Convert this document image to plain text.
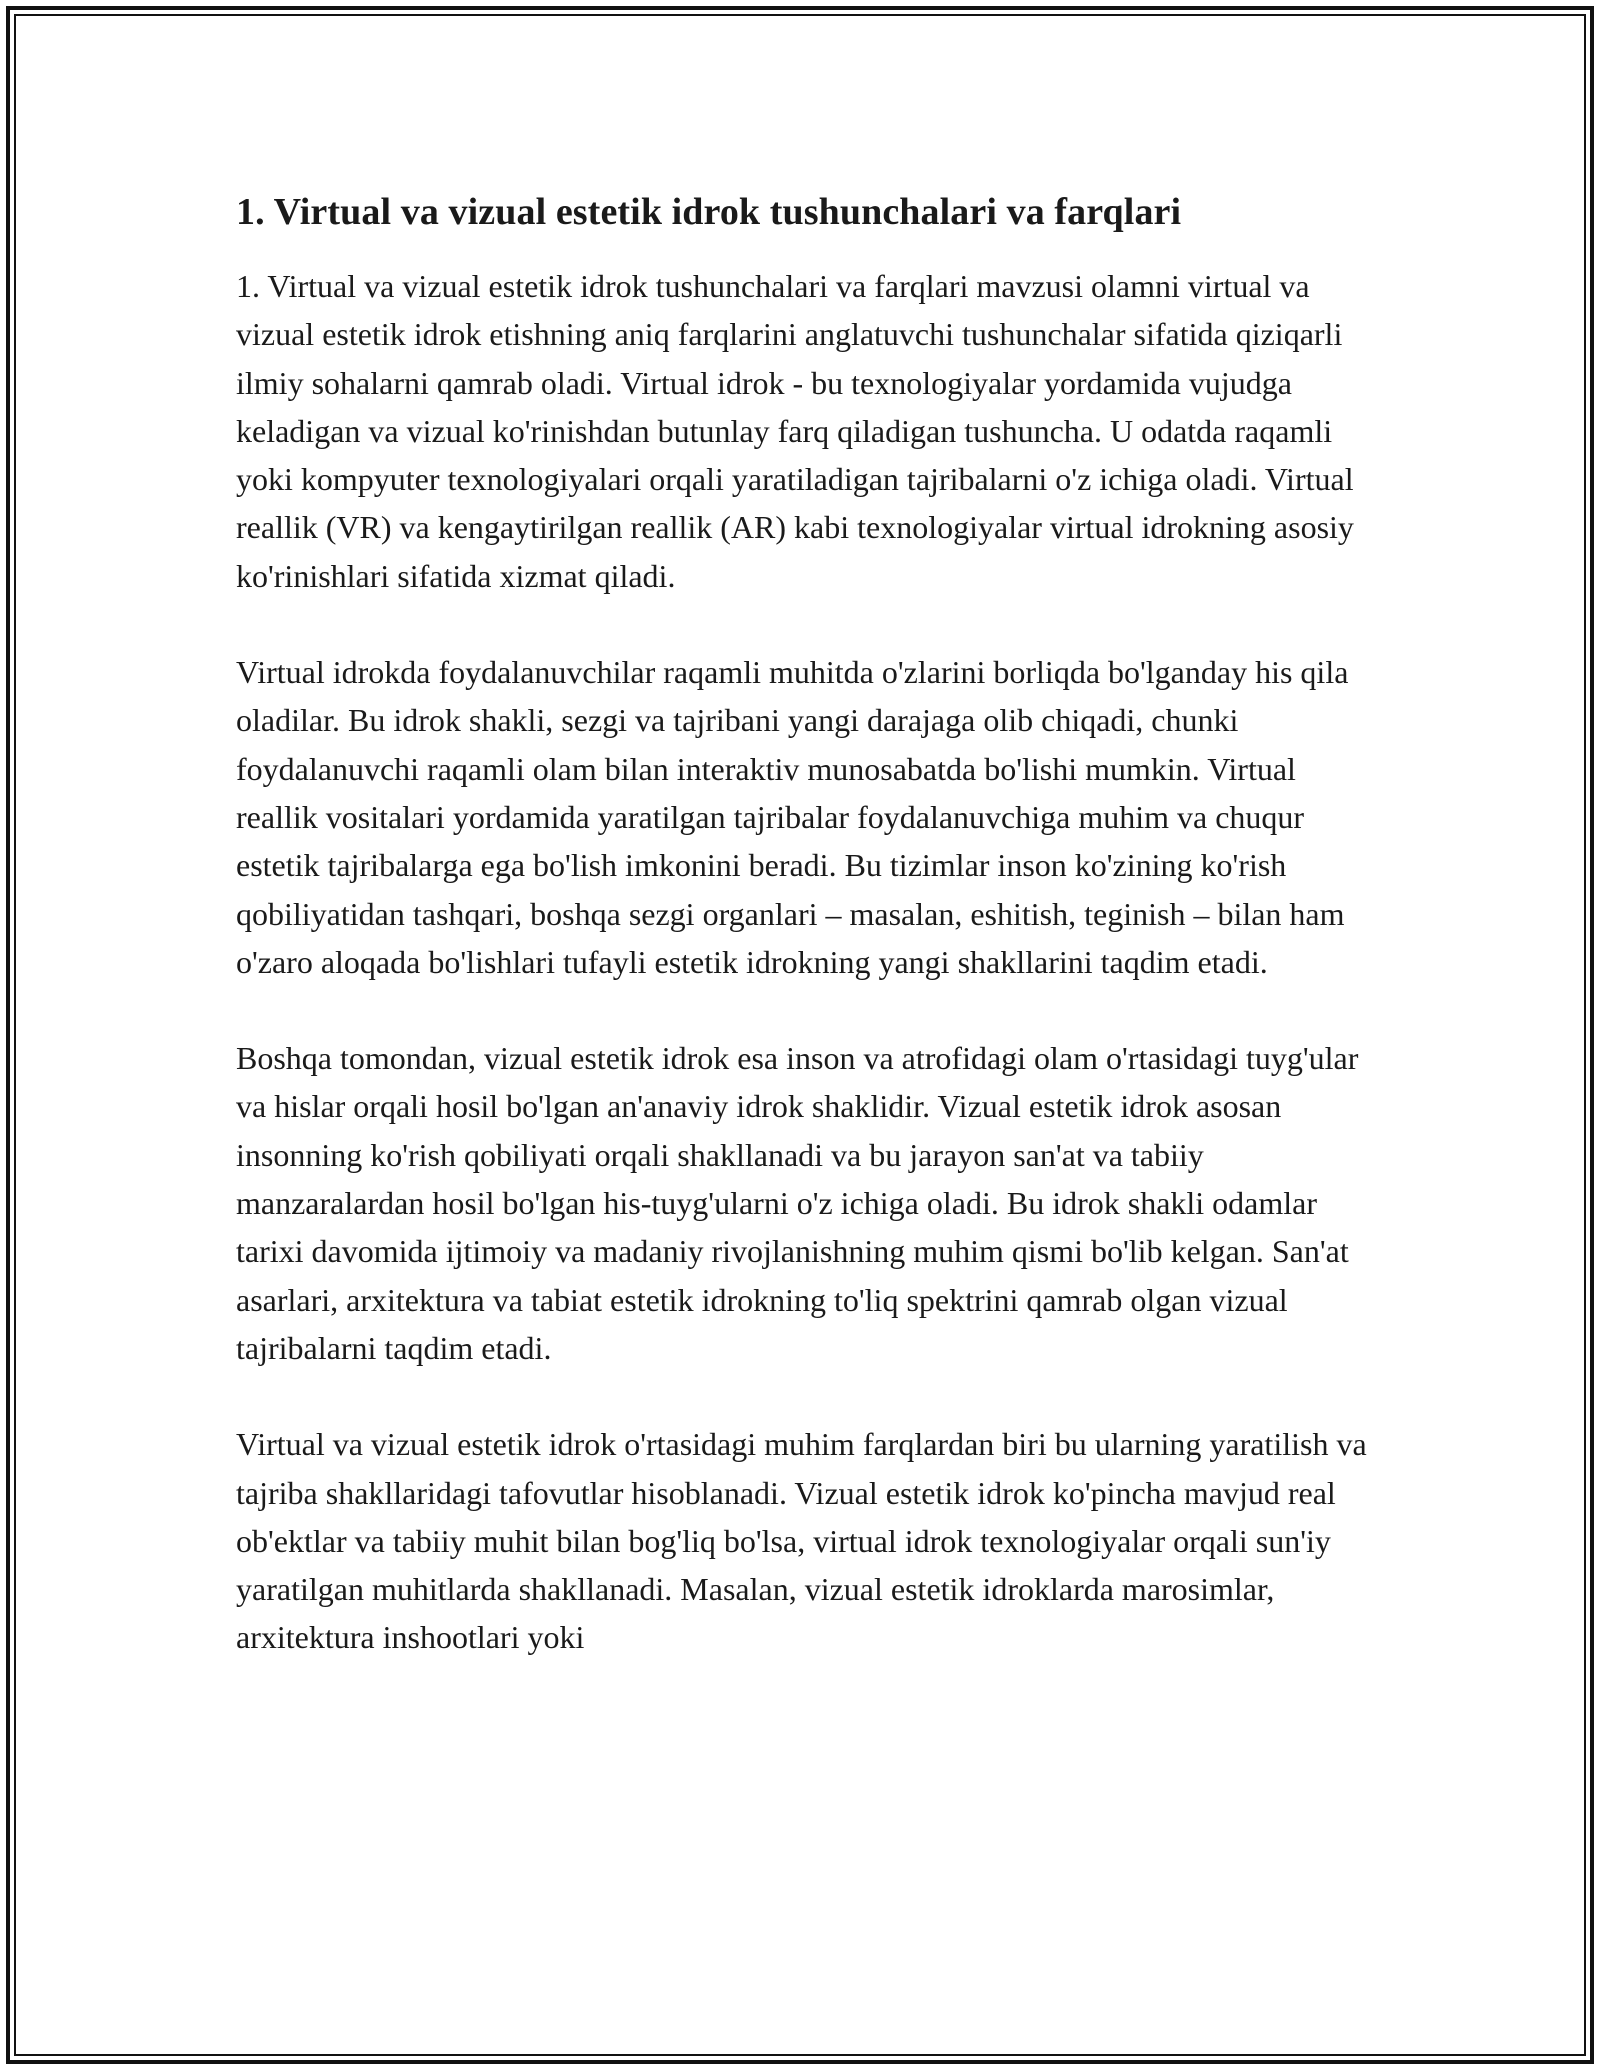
1. Virtual va vizual estetik idrok tushunchalari va farqlari

1. Virtual va vizual estetik idrok tushunchalari va farqlari mavzusi olamni virtual va vizual estetik idrok etishning aniq farqlarini anglatuvchi tushunchalar sifatida qiziqarli ilmiy sohalarni qamrab oladi. Virtual idrok - bu texnologiyalar yordamida vujudga keladigan va vizual ko'rinishdan butunlay farq qiladigan tushuncha. U odatda raqamli yoki kompyuter texnologiyalari orqali yaratiladigan tajribalarni o'z ichiga oladi. Virtual reallik (VR) va kengaytirilgan reallik (AR) kabi texnologiyalar virtual idrokning asosiy ko'rinishlari sifatida xizmat qiladi.

Virtual idrokda foydalanuvchilar raqamli muhitda o'zlarini borliqda bo'lganday his qila oladilar. Bu idrok shakli, sezgi va tajribani yangi darajaga olib chiqadi, chunki foydalanuvchi raqamli olam bilan interaktiv munosabatda bo'lishi mumkin. Virtual reallik vositalari yordamida yaratilgan tajribalar foydalanuvchiga muhim va chuqur estetik tajribalarga ega bo'lish imkonini beradi. Bu tizimlar inson ko'zining ko'rish qobiliyatidan tashqari, boshqa sezgi organlari – masalan, eshitish, teginish – bilan ham o'zaro aloqada bo'lishlari tufayli estetik idrokning yangi shakllarini taqdim etadi.

Boshqa tomondan, vizual estetik idrok esa inson va atrofidagi olam o'rtasidagi tuyg'ular va hislar orqali hosil bo'lgan an'anaviy idrok shaklidir. Vizual estetik idrok asosan insonning ko'rish qobiliyati orqali shakllanadi va bu jarayon san'at va tabiiy manzaralardan hosil bo'lgan his-tuyg'ularni o'z ichiga oladi. Bu idrok shakli odamlar tarixi davomida ijtimoiy va madaniy rivojlanishning muhim qismi bo'lib kelgan. San'at asarlari, arxitektura va tabiat estetik idrokning to'liq spektrini qamrab olgan vizual tajribalarni taqdim etadi.

Virtual va vizual estetik idrok o'rtasidagi muhim farqlardan biri bu ularning yaratilish va tajriba shakllaridagi tafovutlar hisoblanadi. Vizual estetik idrok ko'pincha mavjud real ob'ektlar va tabiiy muhit bilan bog'liq bo'lsa, virtual idrok texnologiyalar orqali sun'iy yaratilgan muhitlarda shakllanadi. Masalan, vizual estetik idroklarda marosimlar, arxitektura inshootlari yoki
